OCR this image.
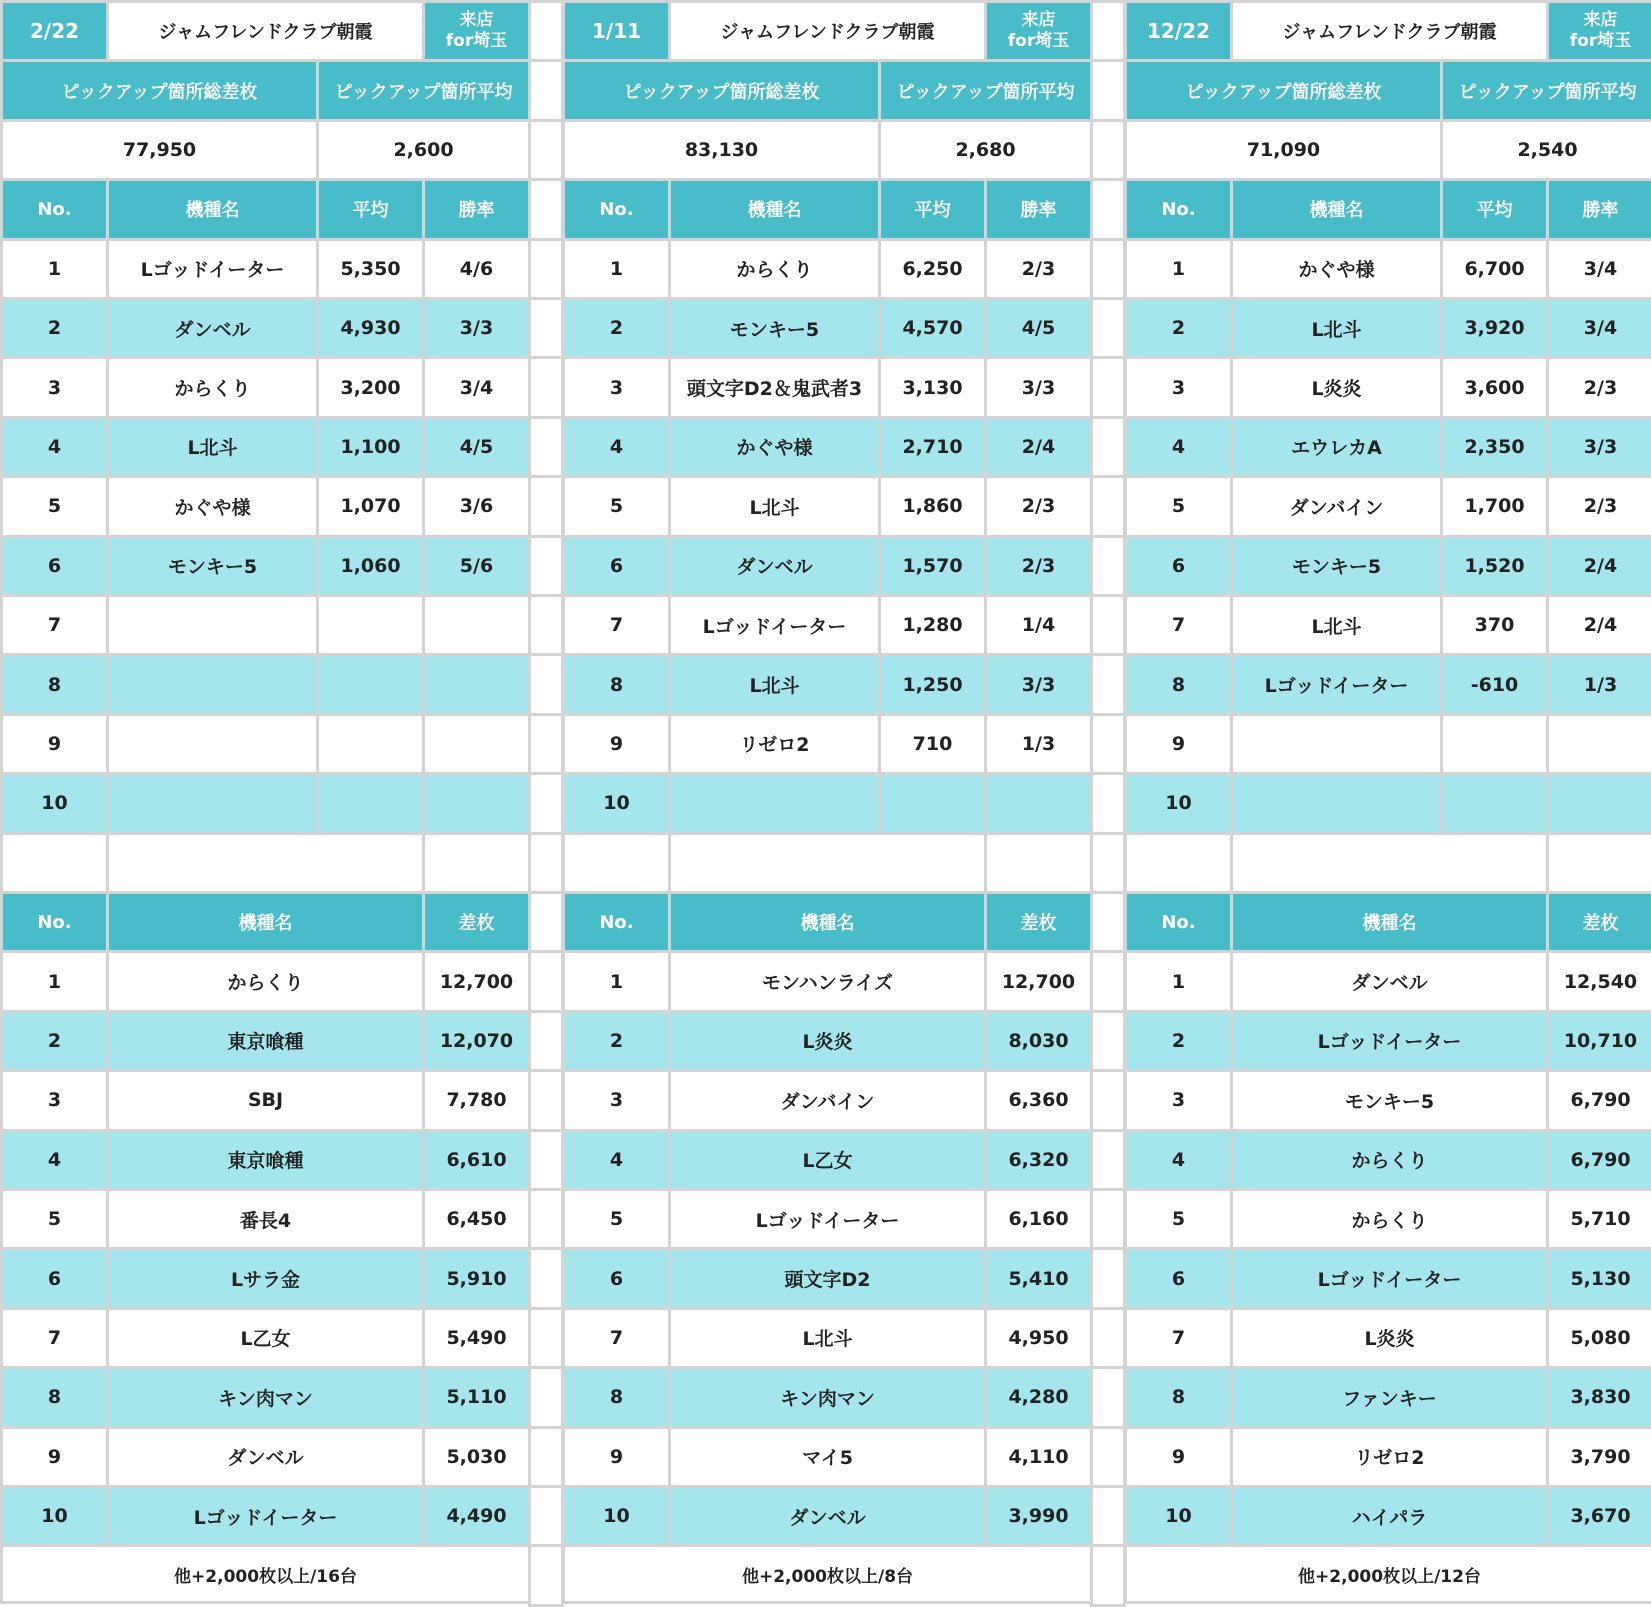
2/22	ジャムフレンドクラブ朝霞
来店
for埼玉
ピックアップ箇所総差枚	ピックアップ箇所平均
77,950	2,600
No.	機種名	平均	勝率
1	Lゴッドイーター	5,350	4/6
2	ダンベル	4,930	3/3
3	からくり	3,200	3/4
4	L北斗	1,100	4/5
5	かぐや様	1,070	3/6
6	モンキー5	1,060	5/6
7
8
9
10
No.	機種名	差枚
1	からくり	12,700
2	東京喰種	12,070
3	SBJ	7,780
4	東京喰種	6,610
5	番長4	6,450
6	Lサラ金	5,910
7	L乙女	5,490
8	キン肉マン	5,110
9	ダンベル	5,030
10	Lゴッドイーター	4,490
他+2,000枚以上/16台
1/11	ジャムフレンドクラブ朝霞
来店
for埼玉
ピックアップ箇所総差枚	ピックアップ箇所平均
83,130	2,680
No.	機種名	平均	勝率
1	からくり	6,250	2/3
2	モンキー5	4,570	4/5
3	頭文字D2＆鬼武者3	3,130	3/3
4	かぐや様	2,710	2/4
5	L北斗	1,860	2/3
6	ダンベル	1,570	2/3
7	Lゴッドイーター	1,280	1/4
8	L北斗	1,250	3/3
9	リゼロ2	710	1/3
10
No.	機種名	差枚
1	モンハンライズ	12,700
2	L炎炎	8,030
3	ダンバイン	6,360
4	L乙女	6,320
5	Lゴッドイーター	6,160
6	頭文字D2	5,410
7	L北斗	4,950
8	キン肉マン	4,280
9	マイ5	4,110
10	ダンベル	3,990
他+2,000枚以上/8台
12/22	ジャムフレンドクラブ朝霞
来店
for埼玉
ピックアップ箇所総差枚	ピックアップ箇所平均
71,090	2,540
No.	機種名	平均	勝率
1	かぐや様	6,700	3/4
2	L北斗	3,920	3/4
3	L炎炎	3,600	2/3
4	エウレカA	2,350	3/3
5	ダンバイン	1,700	2/3
6	モンキー5	1,520	2/4
7	L北斗	370	2/4
8	Lゴッドイーター	-610	1/3
9
10
No.	機種名	差枚
1	ダンベル	12,540
2	Lゴッドイーター	10,710
3	モンキー5	6,790
4	からくり	6,790
5	からくり	5,710
6	Lゴッドイーター	5,130
7	L炎炎	5,080
8	ファンキー	3,830
9	リゼロ2	3,790
10	ハイパラ	3,670
他+2,000枚以上/12台
